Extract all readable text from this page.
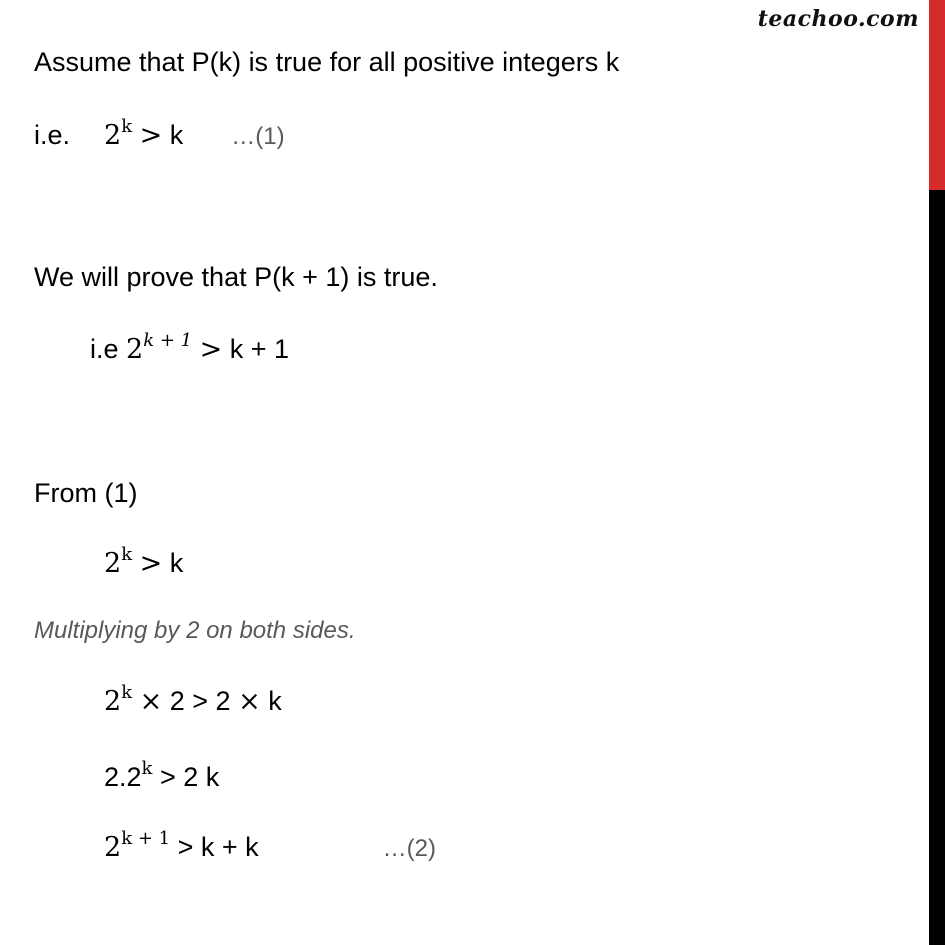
teachoo.com
Assume that P(k) is true for all positive integers k
i.e. $2^k > k$ …(1)
We will prove that P(k + 1) is true.
i.e $2^{k + 1} > k + 1$
From (1)
$2^k > k$
Multiplying by 2 on both sides.
$2^k \times 2 > 2 \times k$
$2.2^k > 2$ k
$2^{k + 1} > k + k$	…(2)
